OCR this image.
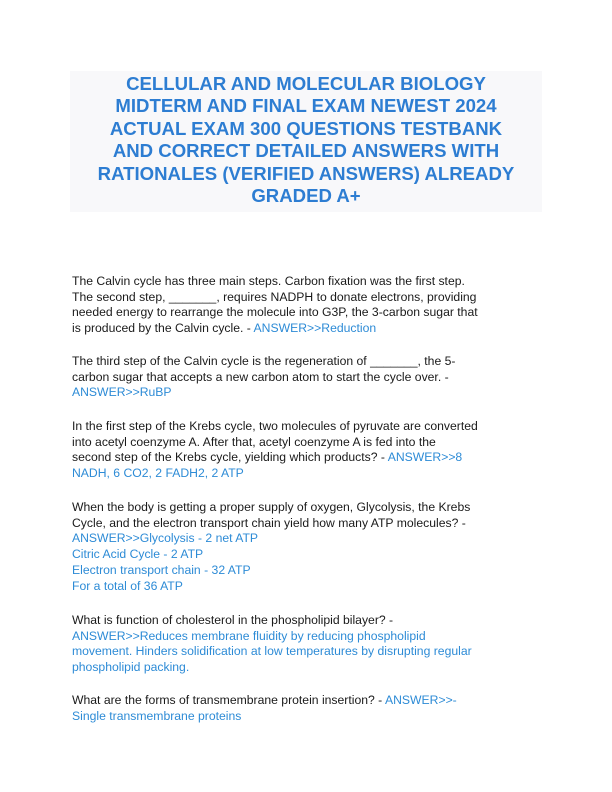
CELLULAR AND MOLECULAR BIOLOGY
MIDTERM AND FINAL EXAM NEWEST 2024
ACTUAL EXAM 300 QUESTIONS TESTBANK
AND CORRECT DETAILED ANSWERS WITH
RATIONALES (VERIFIED ANSWERS) ALREADY
GRADED A+

The Calvin cycle has three main steps. Carbon fixation was the first step.
The second step, _______, requires NADPH to donate electrons, providing
needed energy to rearrange the molecule into G3P, the 3-carbon sugar that
is produced by the Calvin cycle. - ANSWER>>Reduction

The third step of the Calvin cycle is the regeneration of _______, the 5-
carbon sugar that accepts a new carbon atom to start the cycle over. -
ANSWER>>RuBP

In the first step of the Krebs cycle, two molecules of pyruvate are converted
into acetyl coenzyme A. After that, acetyl coenzyme A is fed into the
second step of the Krebs cycle, yielding which products? - ANSWER>>8
NADH, 6 CO2, 2 FADH2, 2 ATP

When the body is getting a proper supply of oxygen, Glycolysis, the Krebs
Cycle, and the electron transport chain yield how many ATP molecules? -
ANSWER>>Glycolysis - 2 net ATP
Citric Acid Cycle - 2 ATP
Electron transport chain - 32 ATP
For a total of 36 ATP

What is function of cholesterol in the phospholipid bilayer? -
ANSWER>>Reduces membrane fluidity by reducing phospholipid
movement. Hinders solidification at low temperatures by disrupting regular
phospholipid packing.

What are the forms of transmembrane protein insertion? - ANSWER>>-
Single transmembrane proteins
